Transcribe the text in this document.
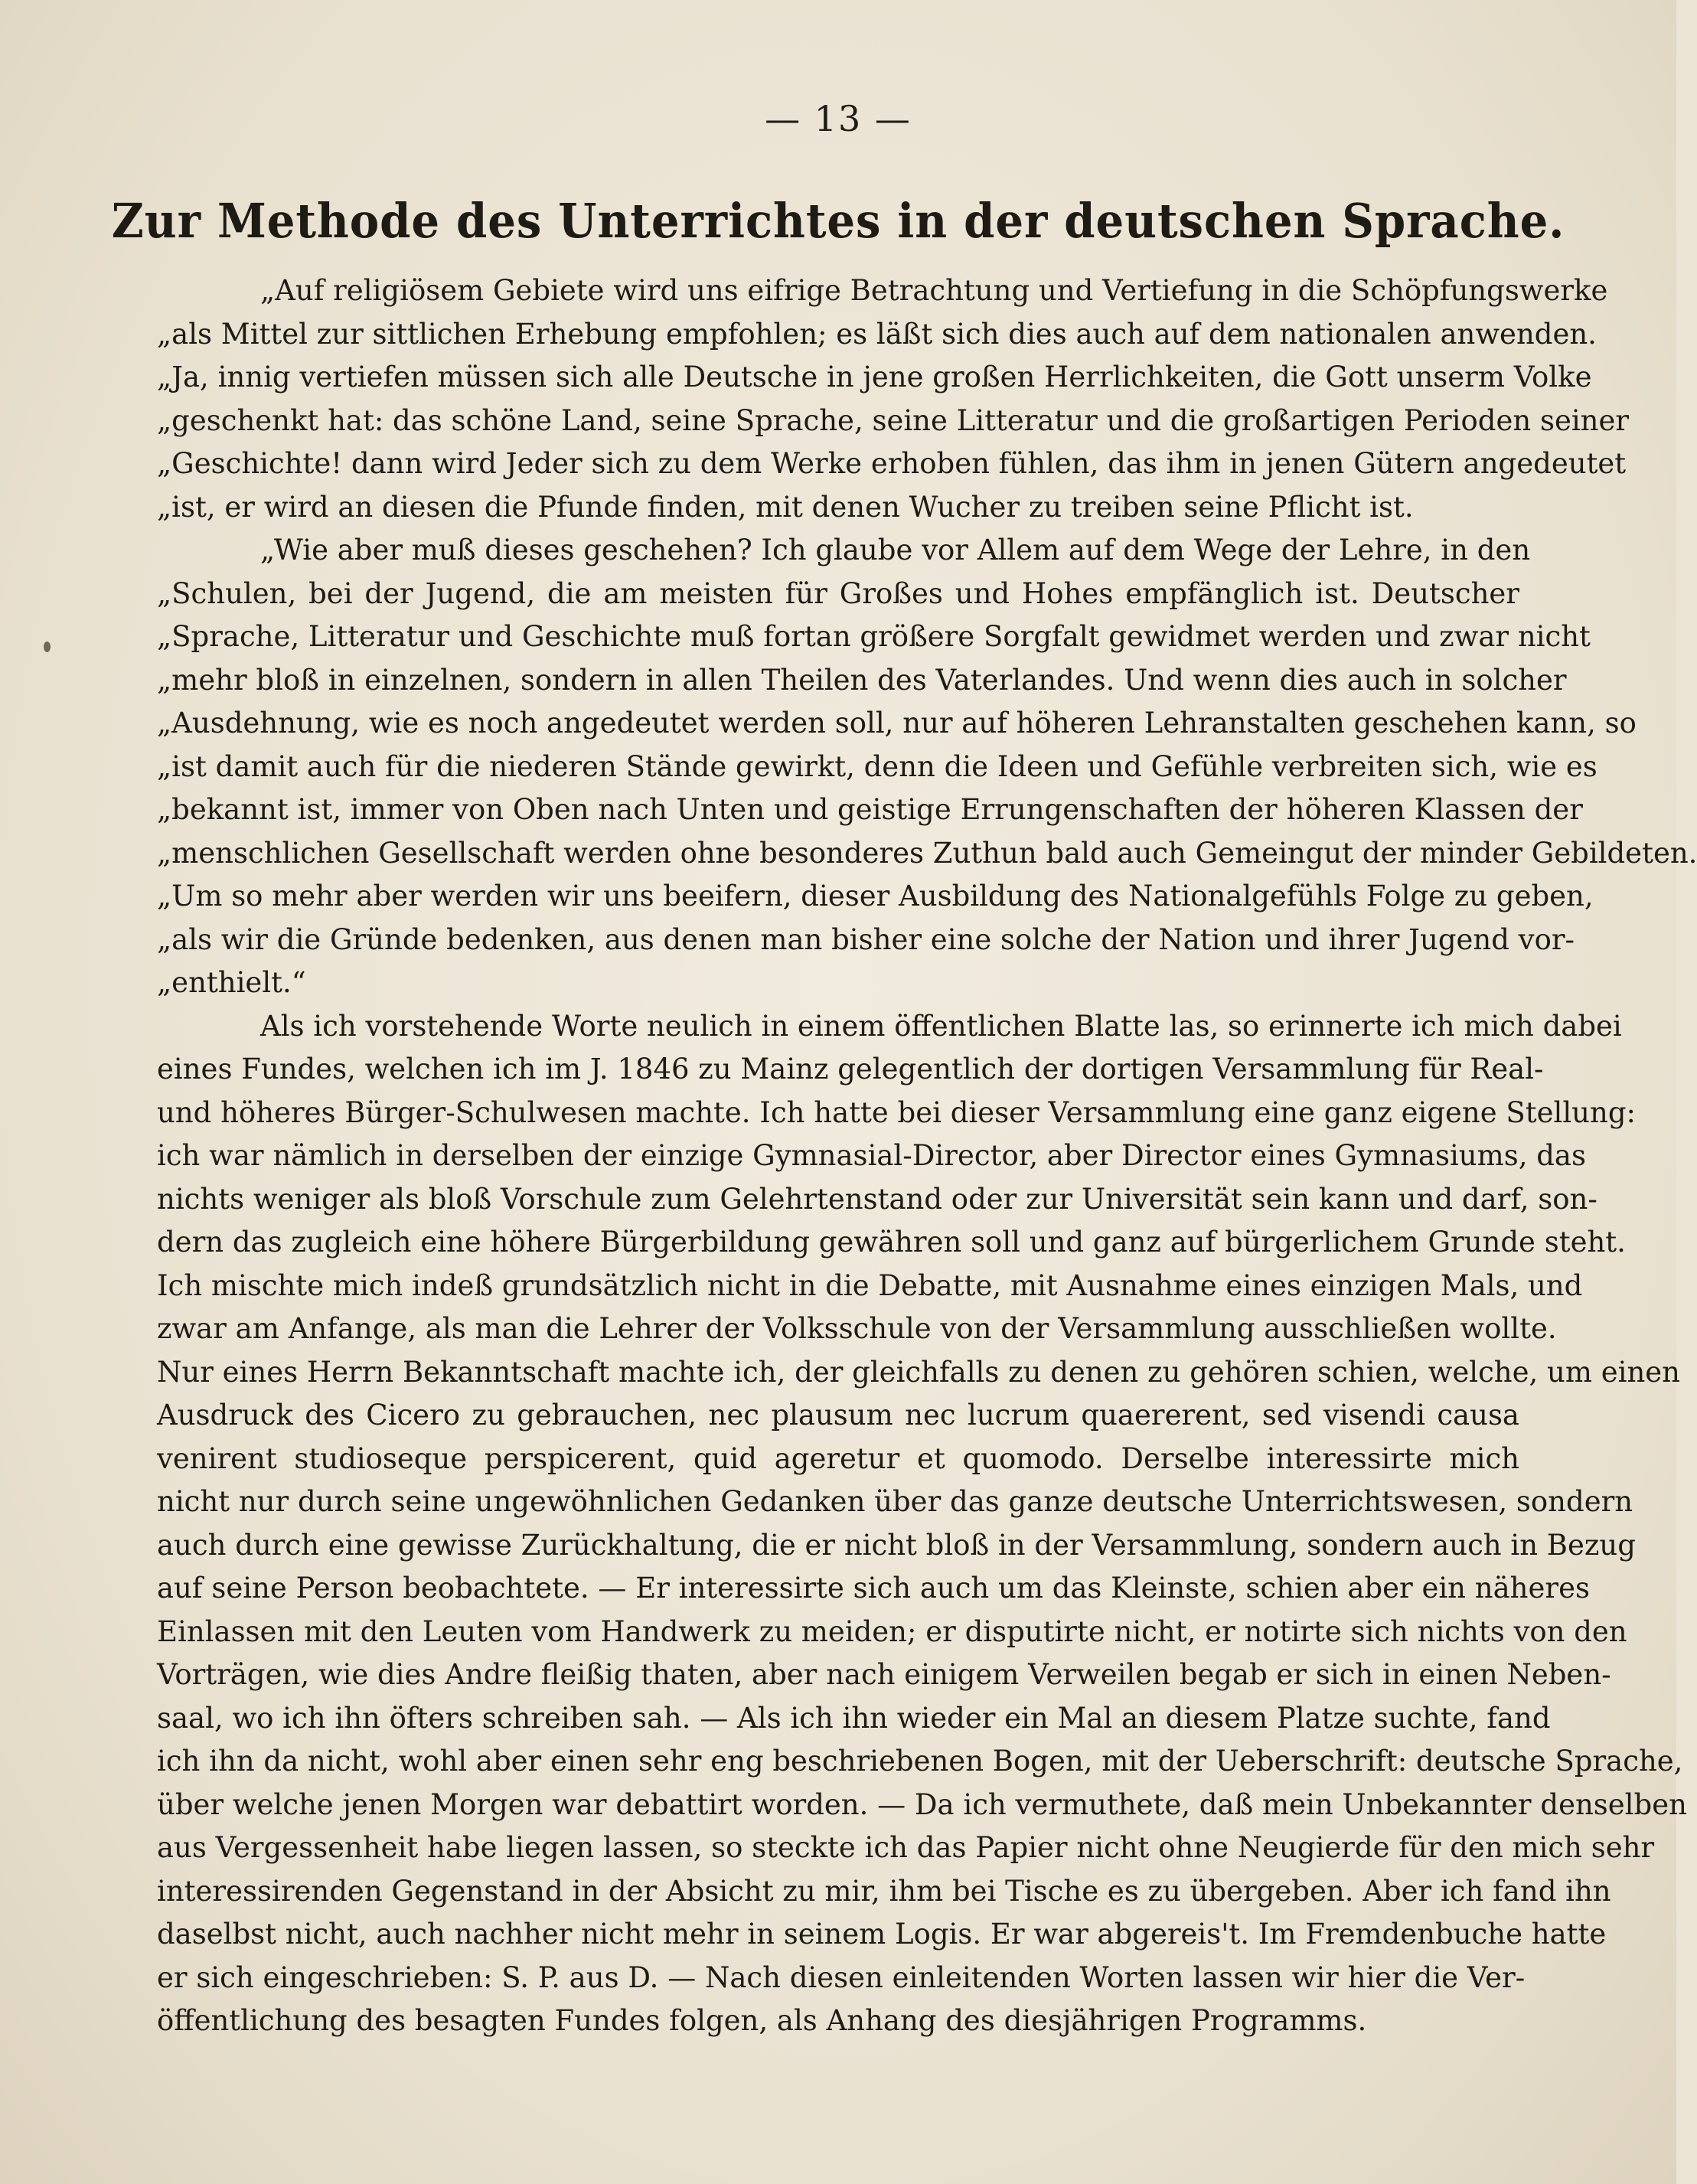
— 13 —
Zur Methode des Unterrichtes in der deutschen Sprache.
„Auf religiösem Gebiete wird uns eifrige Betrachtung und Vertiefung in die Schöpfungswerke
„als Mittel zur sittlichen Erhebung empfohlen; es läßt sich dies auch auf dem nationalen anwenden.
„Ja, innig vertiefen müssen sich alle Deutsche in jene großen Herrlichkeiten, die Gott unserm Volke
„geschenkt hat: das schöne Land, seine Sprache, seine Litteratur und die großartigen Perioden seiner
„Geschichte! dann wird Jeder sich zu dem Werke erhoben fühlen, das ihm in jenen Gütern angedeutet
„ist, er wird an diesen die Pfunde finden, mit denen Wucher zu treiben seine Pflicht ist.
„Wie aber muß dieses geschehen? Ich glaube vor Allem auf dem Wege der Lehre, in den
„Schulen, bei der Jugend, die am meisten für Großes und Hohes empfänglich ist. Deutscher
„Sprache, Litteratur und Geschichte muß fortan größere Sorgfalt gewidmet werden und zwar nicht
„mehr bloß in einzelnen, sondern in allen Theilen des Vaterlandes. Und wenn dies auch in solcher
„Ausdehnung, wie es noch angedeutet werden soll, nur auf höheren Lehranstalten geschehen kann, so
„ist damit auch für die niederen Stände gewirkt, denn die Ideen und Gefühle verbreiten sich, wie es
„bekannt ist, immer von Oben nach Unten und geistige Errungenschaften der höheren Klassen der
„menschlichen Gesellschaft werden ohne besonderes Zuthun bald auch Gemeingut der minder Gebildeten.
„Um so mehr aber werden wir uns beeifern, dieser Ausbildung des Nationalgefühls Folge zu geben,
„als wir die Gründe bedenken, aus denen man bisher eine solche der Nation und ihrer Jugend vor-
„enthielt.“
Als ich vorstehende Worte neulich in einem öffentlichen Blatte las, so erinnerte ich mich dabei
eines Fundes, welchen ich im J. 1846 zu Mainz gelegentlich der dortigen Versammlung für Real-
und höheres Bürger-Schulwesen machte. Ich hatte bei dieser Versammlung eine ganz eigene Stellung:
ich war nämlich in derselben der einzige Gymnasial-Director, aber Director eines Gymnasiums, das
nichts weniger als bloß Vorschule zum Gelehrtenstand oder zur Universität sein kann und darf, son-
dern das zugleich eine höhere Bürgerbildung gewähren soll und ganz auf bürgerlichem Grunde steht.
Ich mischte mich indeß grundsätzlich nicht in die Debatte, mit Ausnahme eines einzigen Mals, und
zwar am Anfange, als man die Lehrer der Volksschule von der Versammlung ausschließen wollte.
Nur eines Herrn Bekanntschaft machte ich, der gleichfalls zu denen zu gehören schien, welche, um einen
Ausdruck des Cicero zu gebrauchen, nec plausum nec lucrum quaererent, sed visendi causa
venirent studioseque perspicerent, quid ageretur et quomodo. Derselbe interessirte mich
nicht nur durch seine ungewöhnlichen Gedanken über das ganze deutsche Unterrichtswesen, sondern
auch durch eine gewisse Zurückhaltung, die er nicht bloß in der Versammlung, sondern auch in Bezug
auf seine Person beobachtete. — Er interessirte sich auch um das Kleinste, schien aber ein näheres
Einlassen mit den Leuten vom Handwerk zu meiden; er disputirte nicht, er notirte sich nichts von den
Vorträgen, wie dies Andre fleißig thaten, aber nach einigem Verweilen begab er sich in einen Neben-
saal, wo ich ihn öfters schreiben sah. — Als ich ihn wieder ein Mal an diesem Platze suchte, fand
ich ihn da nicht, wohl aber einen sehr eng beschriebenen Bogen, mit der Ueberschrift: deutsche Sprache,
über welche jenen Morgen war debattirt worden. — Da ich vermuthete, daß mein Unbekannter denselben
aus Vergessenheit habe liegen lassen, so steckte ich das Papier nicht ohne Neugierde für den mich sehr
interessirenden Gegenstand in der Absicht zu mir, ihm bei Tische es zu übergeben. Aber ich fand ihn
daselbst nicht, auch nachher nicht mehr in seinem Logis. Er war abgereis't. Im Fremdenbuche hatte
er sich eingeschrieben: S. P. aus D. — Nach diesen einleitenden Worten lassen wir hier die Ver-
öffentlichung des besagten Fundes folgen, als Anhang des diesjährigen Programms.
